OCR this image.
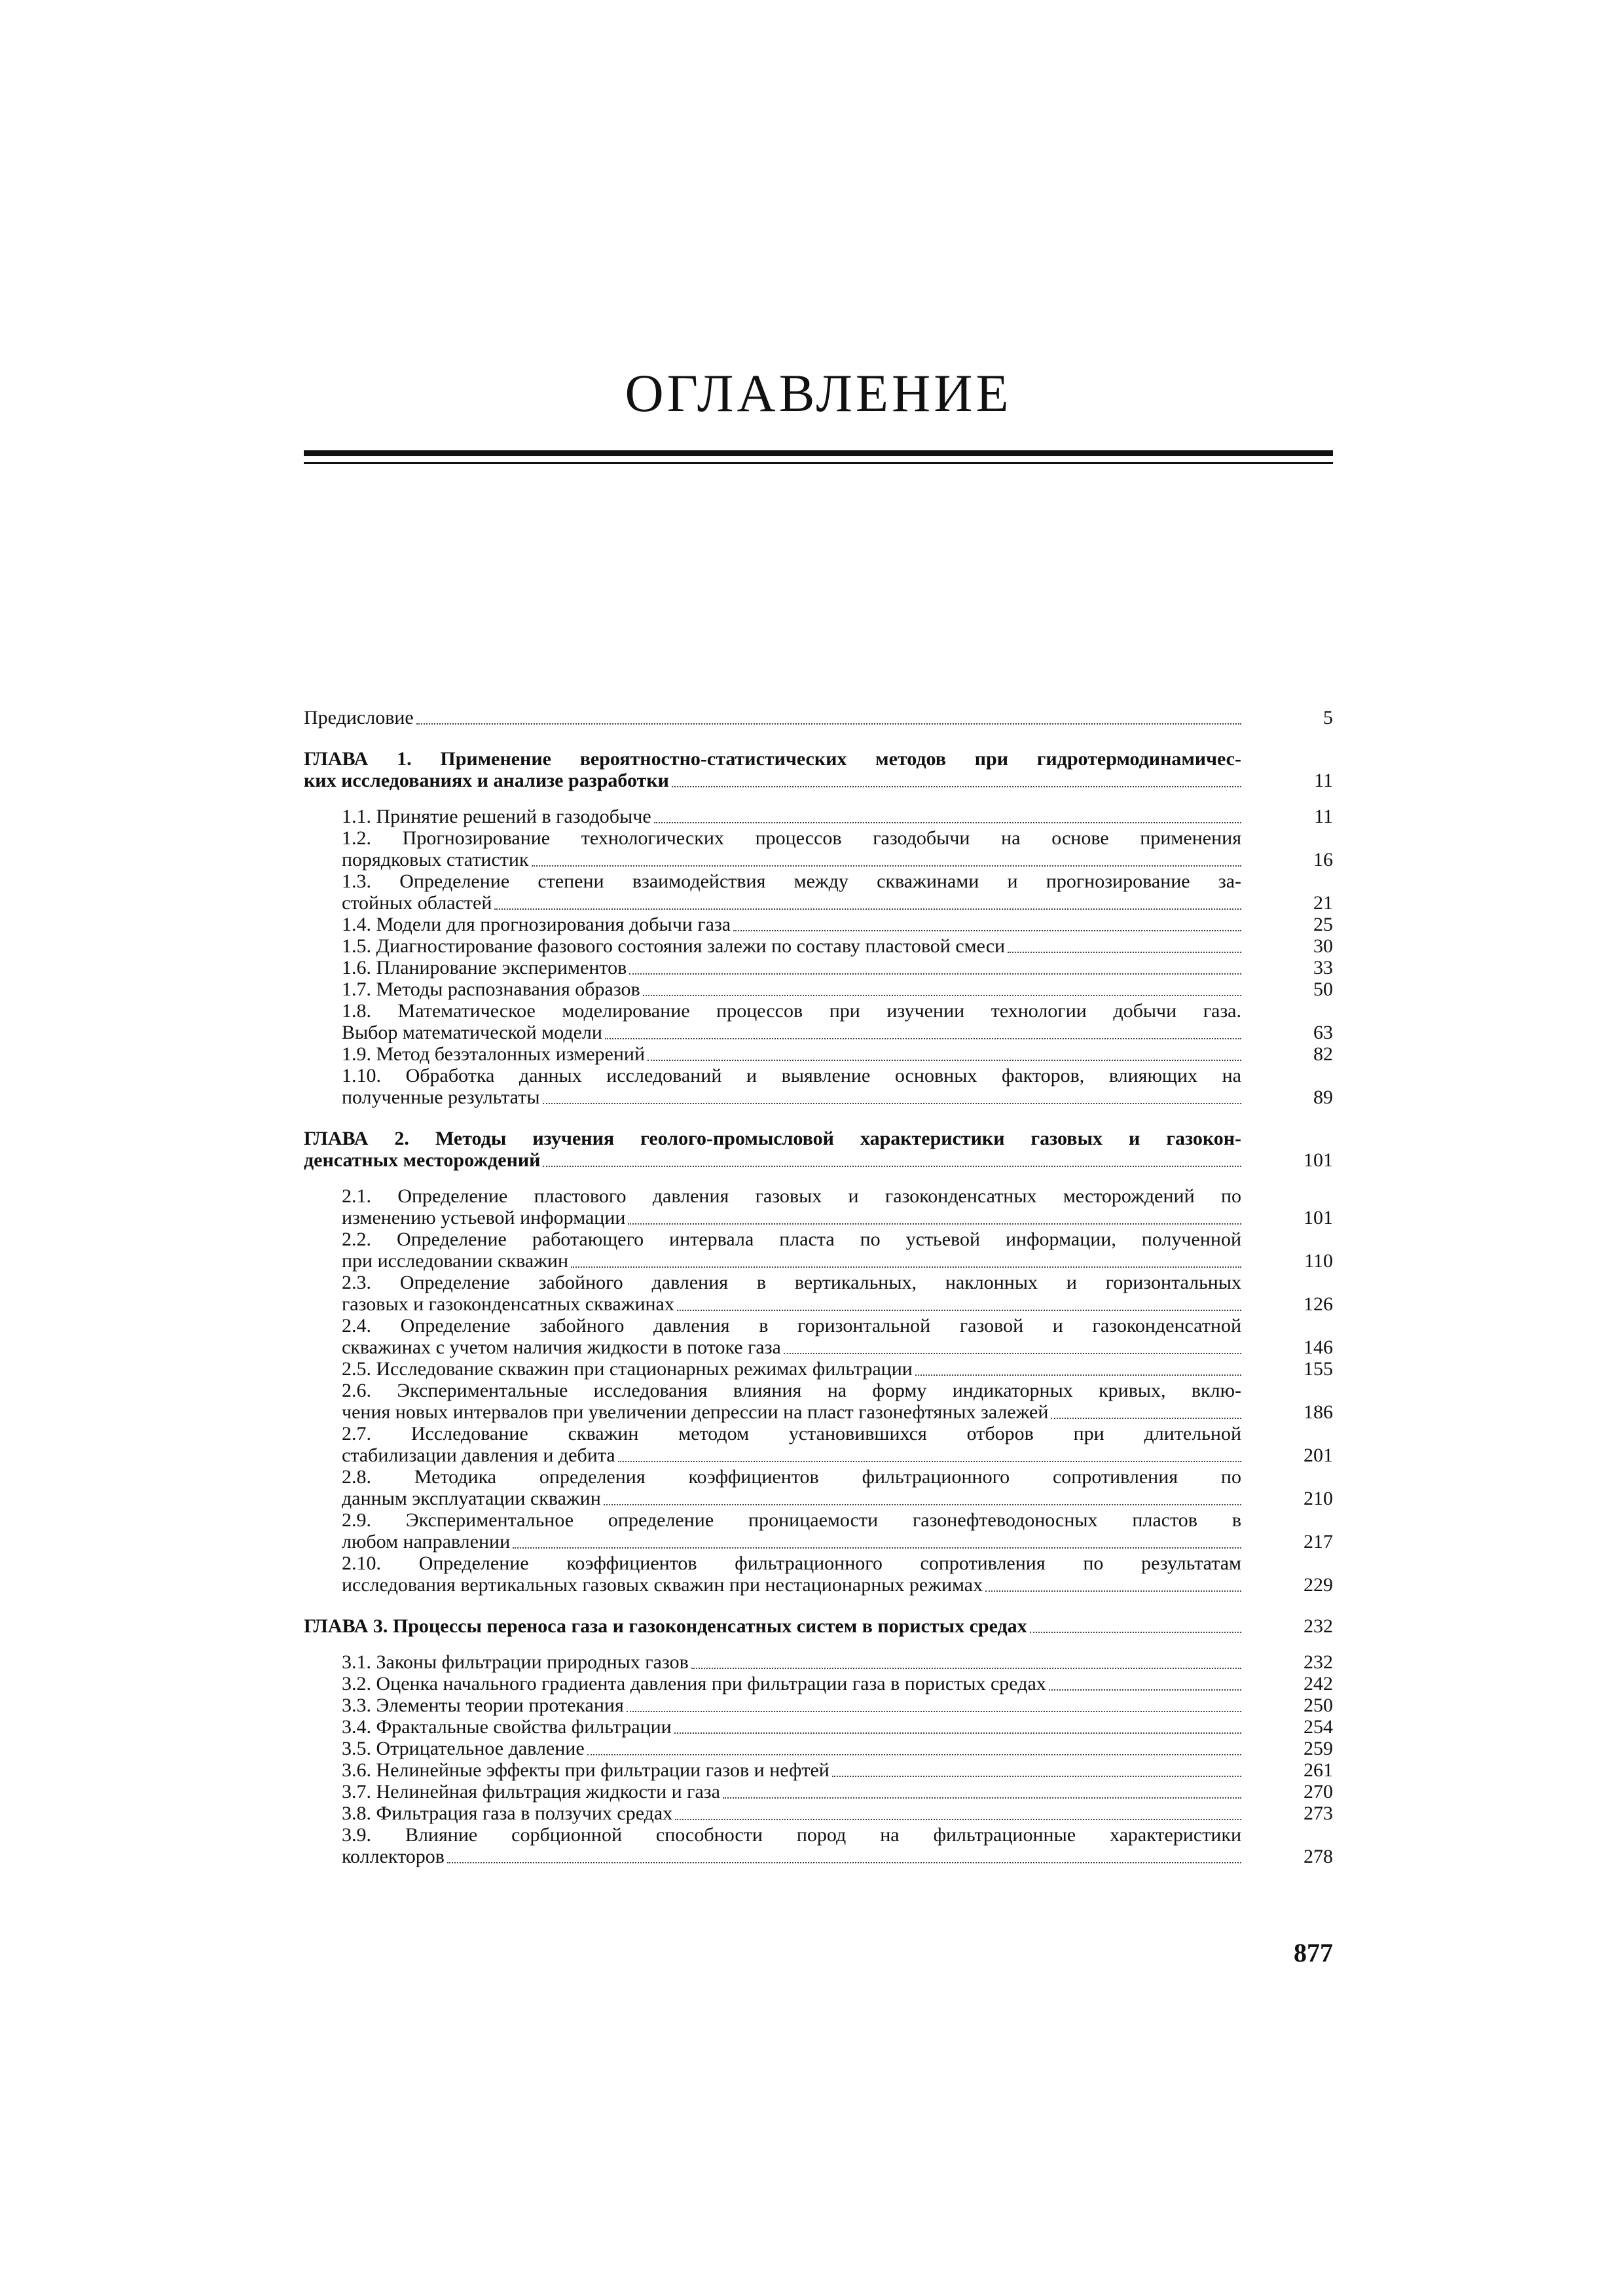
ОГЛАВЛЕНИЕ
Предисловие	5
ГЛАВА 1. Применение вероятностно-статистических методов при гидротермодинамичес-
ких исследованиях и анализе разработки	11
1.1. Принятие решений в газодобыче	11
1.2. Прогнозирование технологических процессов газодобычи на основе применения
порядковых статистик	16
1.3. Определение степени взаимодействия между скважинами и прогнозирование за-
стойных областей	21
1.4. Модели для прогнозирования добычи газа	25
1.5. Диагностирование фазового состояния залежи по составу пластовой смеси	30
1.6. Планирование экспериментов	33
1.7. Методы распознавания образов	50
1.8. Математическое моделирование процессов при изучении технологии добычи газа.
Выбор математической модели	63
1.9. Метод безэталонных измерений	82
1.10. Обработка данных исследований и выявление основных факторов, влияющих на
полученные результаты	89
ГЛАВА 2. Методы изучения геолого-промысловой характеристики газовых и газокон-
денсатных месторождений	101
2.1. Определение пластового давления газовых и газоконденсатных месторождений по
изменению устьевой информации	101
2.2. Определение работающего интервала пласта по устьевой информации, полученной
при исследовании скважин	110
2.3. Определение забойного давления в вертикальных, наклонных и горизонтальных
газовых и газоконденсатных скважинах	126
2.4. Определение забойного давления в горизонтальной газовой и газоконденсатной
скважинах с учетом наличия жидкости в потоке газа	146
2.5. Исследование скважин при стационарных режимах фильтрации	155
2.6. Экспериментальные исследования влияния на форму индикаторных кривых, вклю-
чения новых интервалов при увеличении депрессии на пласт газонефтяных залежей	186
2.7. Исследование скважин методом установившихся отборов при длительной
стабилизации давления и дебита	201
2.8. Методика определения коэффициентов фильтрационного сопротивления по
данным эксплуатации скважин	210
2.9. Экспериментальное определение проницаемости газонефтеводоносных пластов в
любом направлении	217
2.10. Определение коэффициентов фильтрационного сопротивления по результатам
исследования вертикальных газовых скважин при нестационарных режимах	229
ГЛАВА 3. Процессы переноса газа и газоконденсатных систем в пористых средах	232
3.1. Законы фильтрации природных газов	232
3.2. Оценка начального градиента давления при фильтрации газа в пористых средах	242
3.3. Элементы теории протекания	250
3.4. Фрактальные свойства фильтрации	254
3.5. Отрицательное давление	259
3.6. Нелинейные эффекты при фильтрации газов и нефтей	261
3.7. Нелинейная фильтрация жидкости и газа	270
3.8. Фильтрация газа в ползучих средах	273
3.9. Влияние сорбционной способности пород на фильтрационные характеристики
коллекторов	278
877
